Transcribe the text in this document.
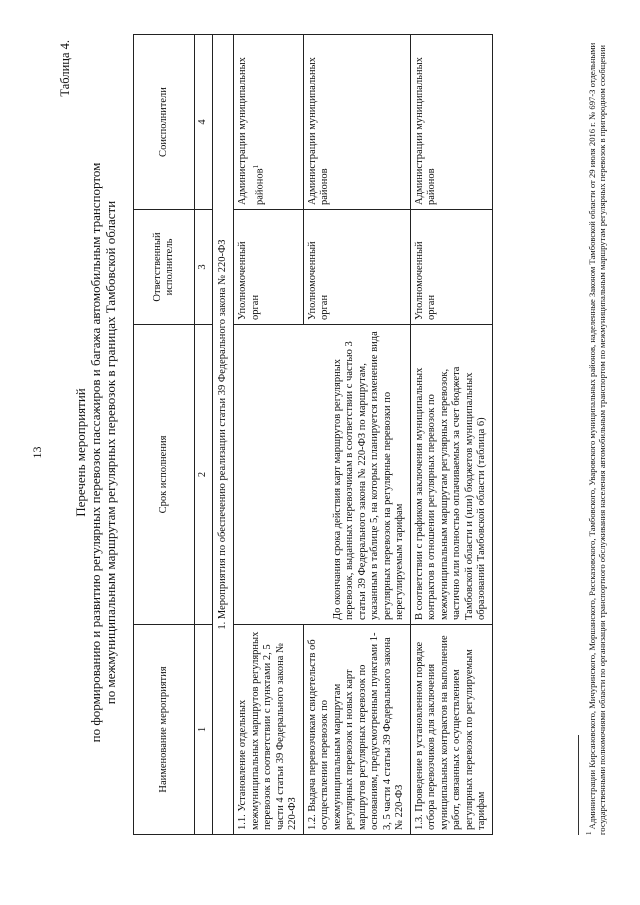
13
Таблица 4.
Перечень мероприятий по формированию и развитию регулярных перевозок пассажиров и багажа автомобильным транспортом по межмуниципальным маршрутам регулярных перевозок в границах Тамбовской области
Наименование мероприятия	Срок исполнения	Ответственный исполнитель	Соисполнители
1	2	3	4
1. Мероприятия по обеспечению реализации статьи 39 Федерального закона № 220-ФЗ			
1.1. Установление отдельных межмуниципальных маршрутов регулярных перевозок в соответствии с пунктами 2, 5 части 4 статьи 39 Федерального закона № 220-ФЗ	До окончания срока действия карт маршрутов регулярных перевозок, выданных перевозчикам в соответствии с частью 3 статьи 39 Федерального закона № 220-ФЗ по маршрутам, указанным в таблице 5, на которых планируется изменение вида регулярных перевозок на регулярные перевозки по нерегулируемым тарифам	Уполномоченный орган	Администрации муниципальных районов$^1$
1.2. Выдача перевозчикам свидетельств об осуществлении перевозок по межмуниципальным маршрутам регулярных перевозок и новых карт маршрутов регулярных перевозок по основаниям, предусмотренным пунктами 1-3, 5 части 4 статьи 39 Федерального закона № 220-ФЗ		Уполномоченный орган	Администрации муниципальных районов
1.3. Проведение в установленном порядке отбора перевозчиков для заключения муниципальных контрактов на выполнение работ, связанных с осуществлением регулярных перевозок по регулируемым тарифам	В соответствии с графиком заключения муниципальных контрактов в отношении регулярных перевозок по межмуниципальным маршрутам регулярных перевозок, частично или полностью оплачиваемых за счет бюджета Тамбовской области и (или) бюджетов муниципальных образований Тамбовской области (таблица 6)	Уполномоченный орган	Администрации муниципальных районов
$^1$ Администрации Кирсановского, Мичуринского, Моршанского, Рассказовского, Тамбовского, Уваровского муниципальных районов, наделенные Законом Тамбовской области от 29 июля 2016 г. № 697-З отдельными государственными полномочиями области по организации транспортного обслуживания населения автомобильным транспортом по межмуниципальным маршрутам регулярных перевозок в пригородном сообщении
